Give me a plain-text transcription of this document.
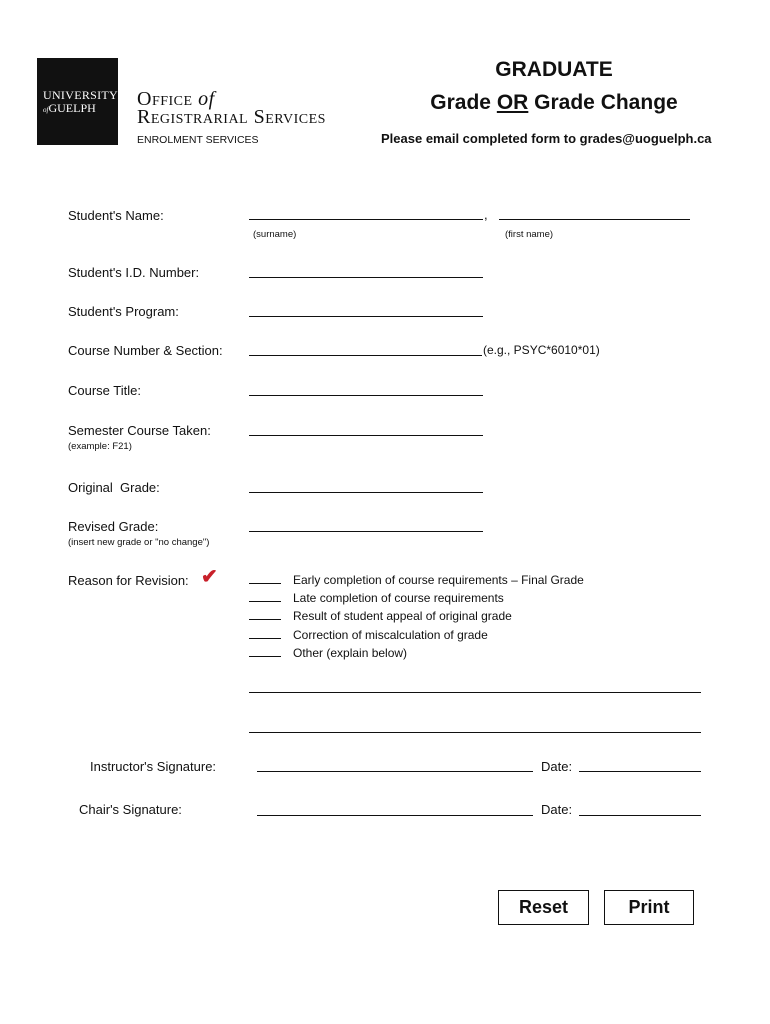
UNIVERSITY
ofGUELPH Office of
Registrarial Services
ENROLMENT SERVICES
GRADUATE
Grade OR Grade Change
Please email completed form to grades@uoguelph.ca
Student's Name:	,
(surname)	(first name)
Student's I.D. Number:
Student's Program:
Course Number & Section:	(e.g., PSYC*6010*01)
Course Title:
Semester Course Taken:
(example: F21)
Original  Grade:
Revised Grade:
(insert new grade or "no change")
Reason for Revision: ✔	Early completion of course requirements – Final Grade
Late completion of course requirements
Result of student appeal of original grade
Correction of miscalculation of grade
Other (explain below)
Instructor's Signature:	Date:
Chair's Signature:	Date:
Reset	Print
